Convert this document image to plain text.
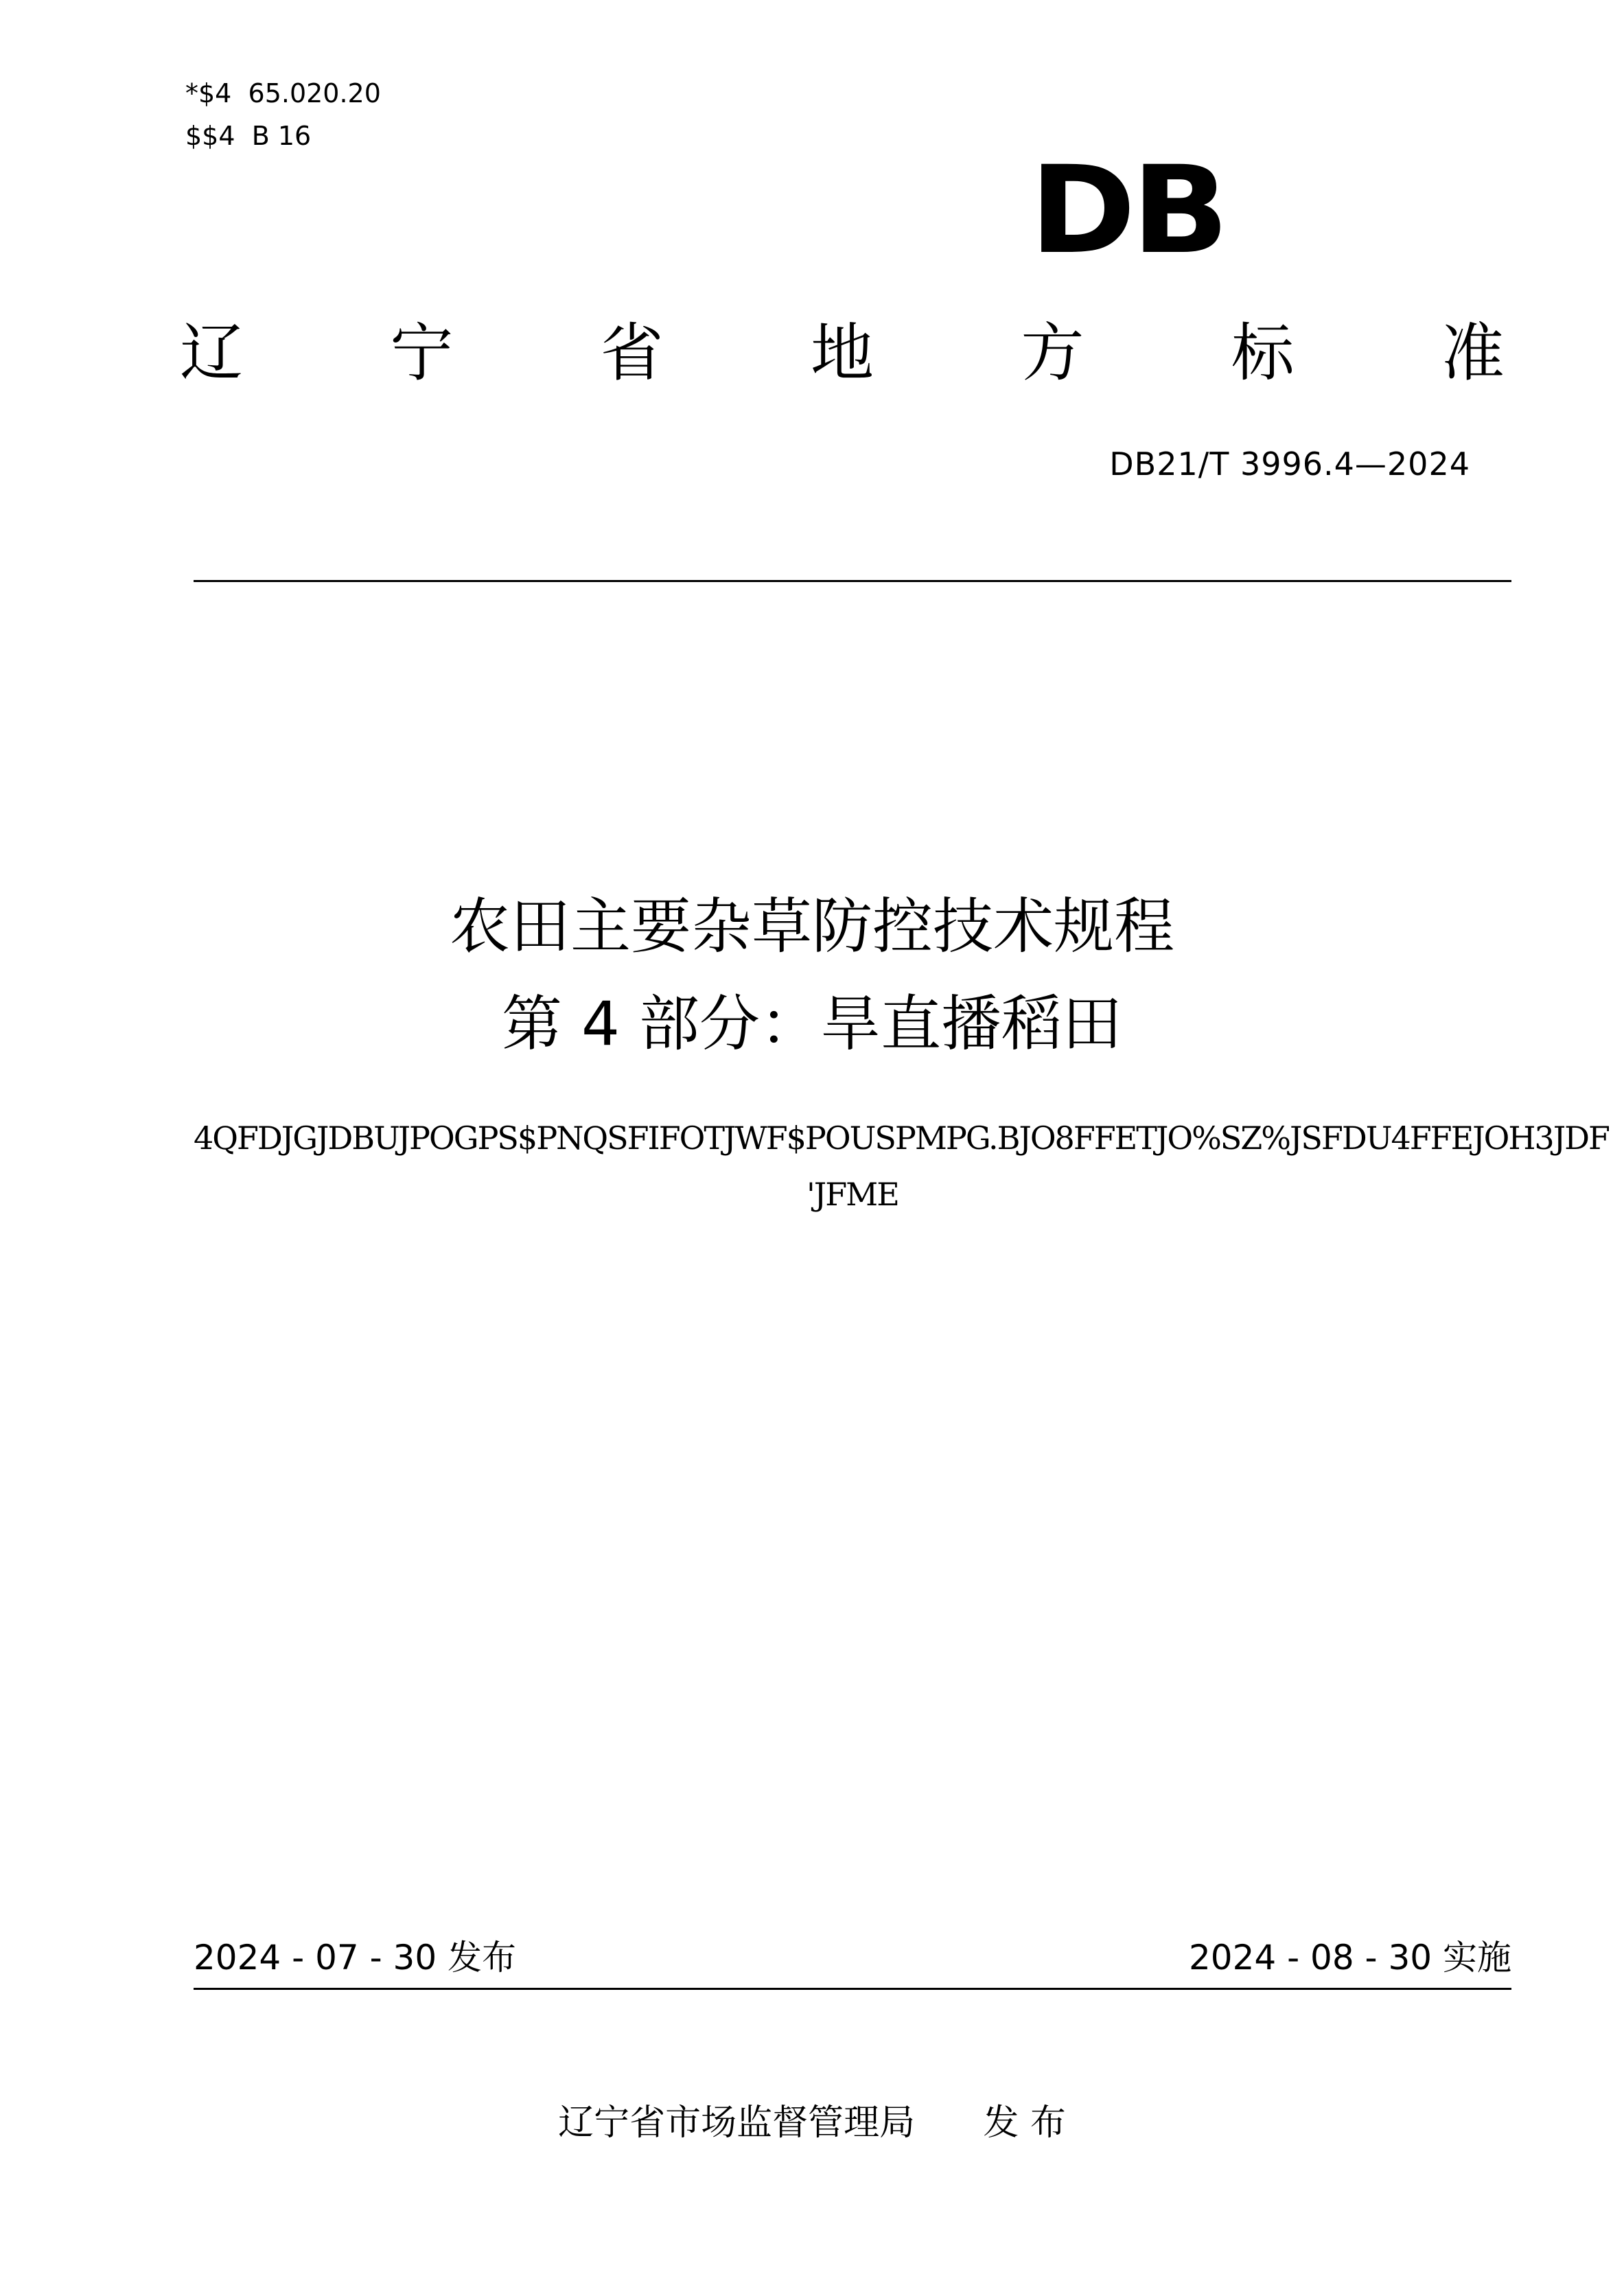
*$4  65.020.20
$$4  B 16
DB
辽 宁 省 地 方 标 准
DB21/T 3996.4—2024
农田主要杂草防控技术规程
第 4 部分：旱直播稻田
4QFDJGJDBUJPOGPS$PNQSFIFOTJWF$POUSPMPG.BJO8FFETJO%SZ%JSFDU4FFEJOH3JDF
'JFME
2024 - 07 - 30 发布	2024 - 08 - 30 实施
辽宁省市场监督管理局      发 布
